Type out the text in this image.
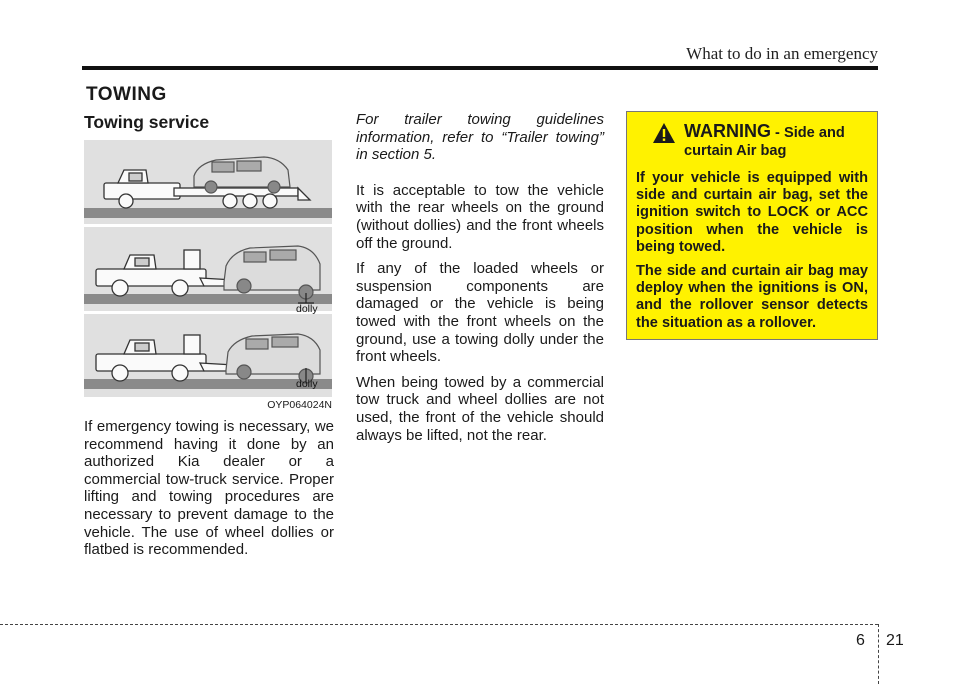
What to do in an emergency
TOWING
Towing service
dolly
dolly
OYP064024N

If emergency towing is necessary, we recommend having it done by an authorized Kia dealer or a commercial tow-truck service. Proper lifting and towing procedures are necessary to prevent damage to the vehicle. The use of wheel dollies or flatbed is recommended.

For trailer towing guidelines information, refer to “Trailer towing” in section 5.

It is acceptable to tow the vehicle with the rear wheels on the ground (without dollies) and the front wheels off the ground.

If any of the loaded wheels or suspension components are damaged or the vehicle is being towed with the front wheels on the ground, use a towing dolly under the front wheels.

When being towed by a commercial tow truck and wheel dollies are not used, the front of the vehicle should always be lifted, not the rear.

WARNING - Side and curtain Air bag

If your vehicle is equipped with side and curtain air bag, set the ignition switch to LOCK or ACC position when the vehicle is being towed.

The side and curtain air bag may deploy when the ignitions is ON, and the rollover sensor detects the situation as a rollover.

6 21
